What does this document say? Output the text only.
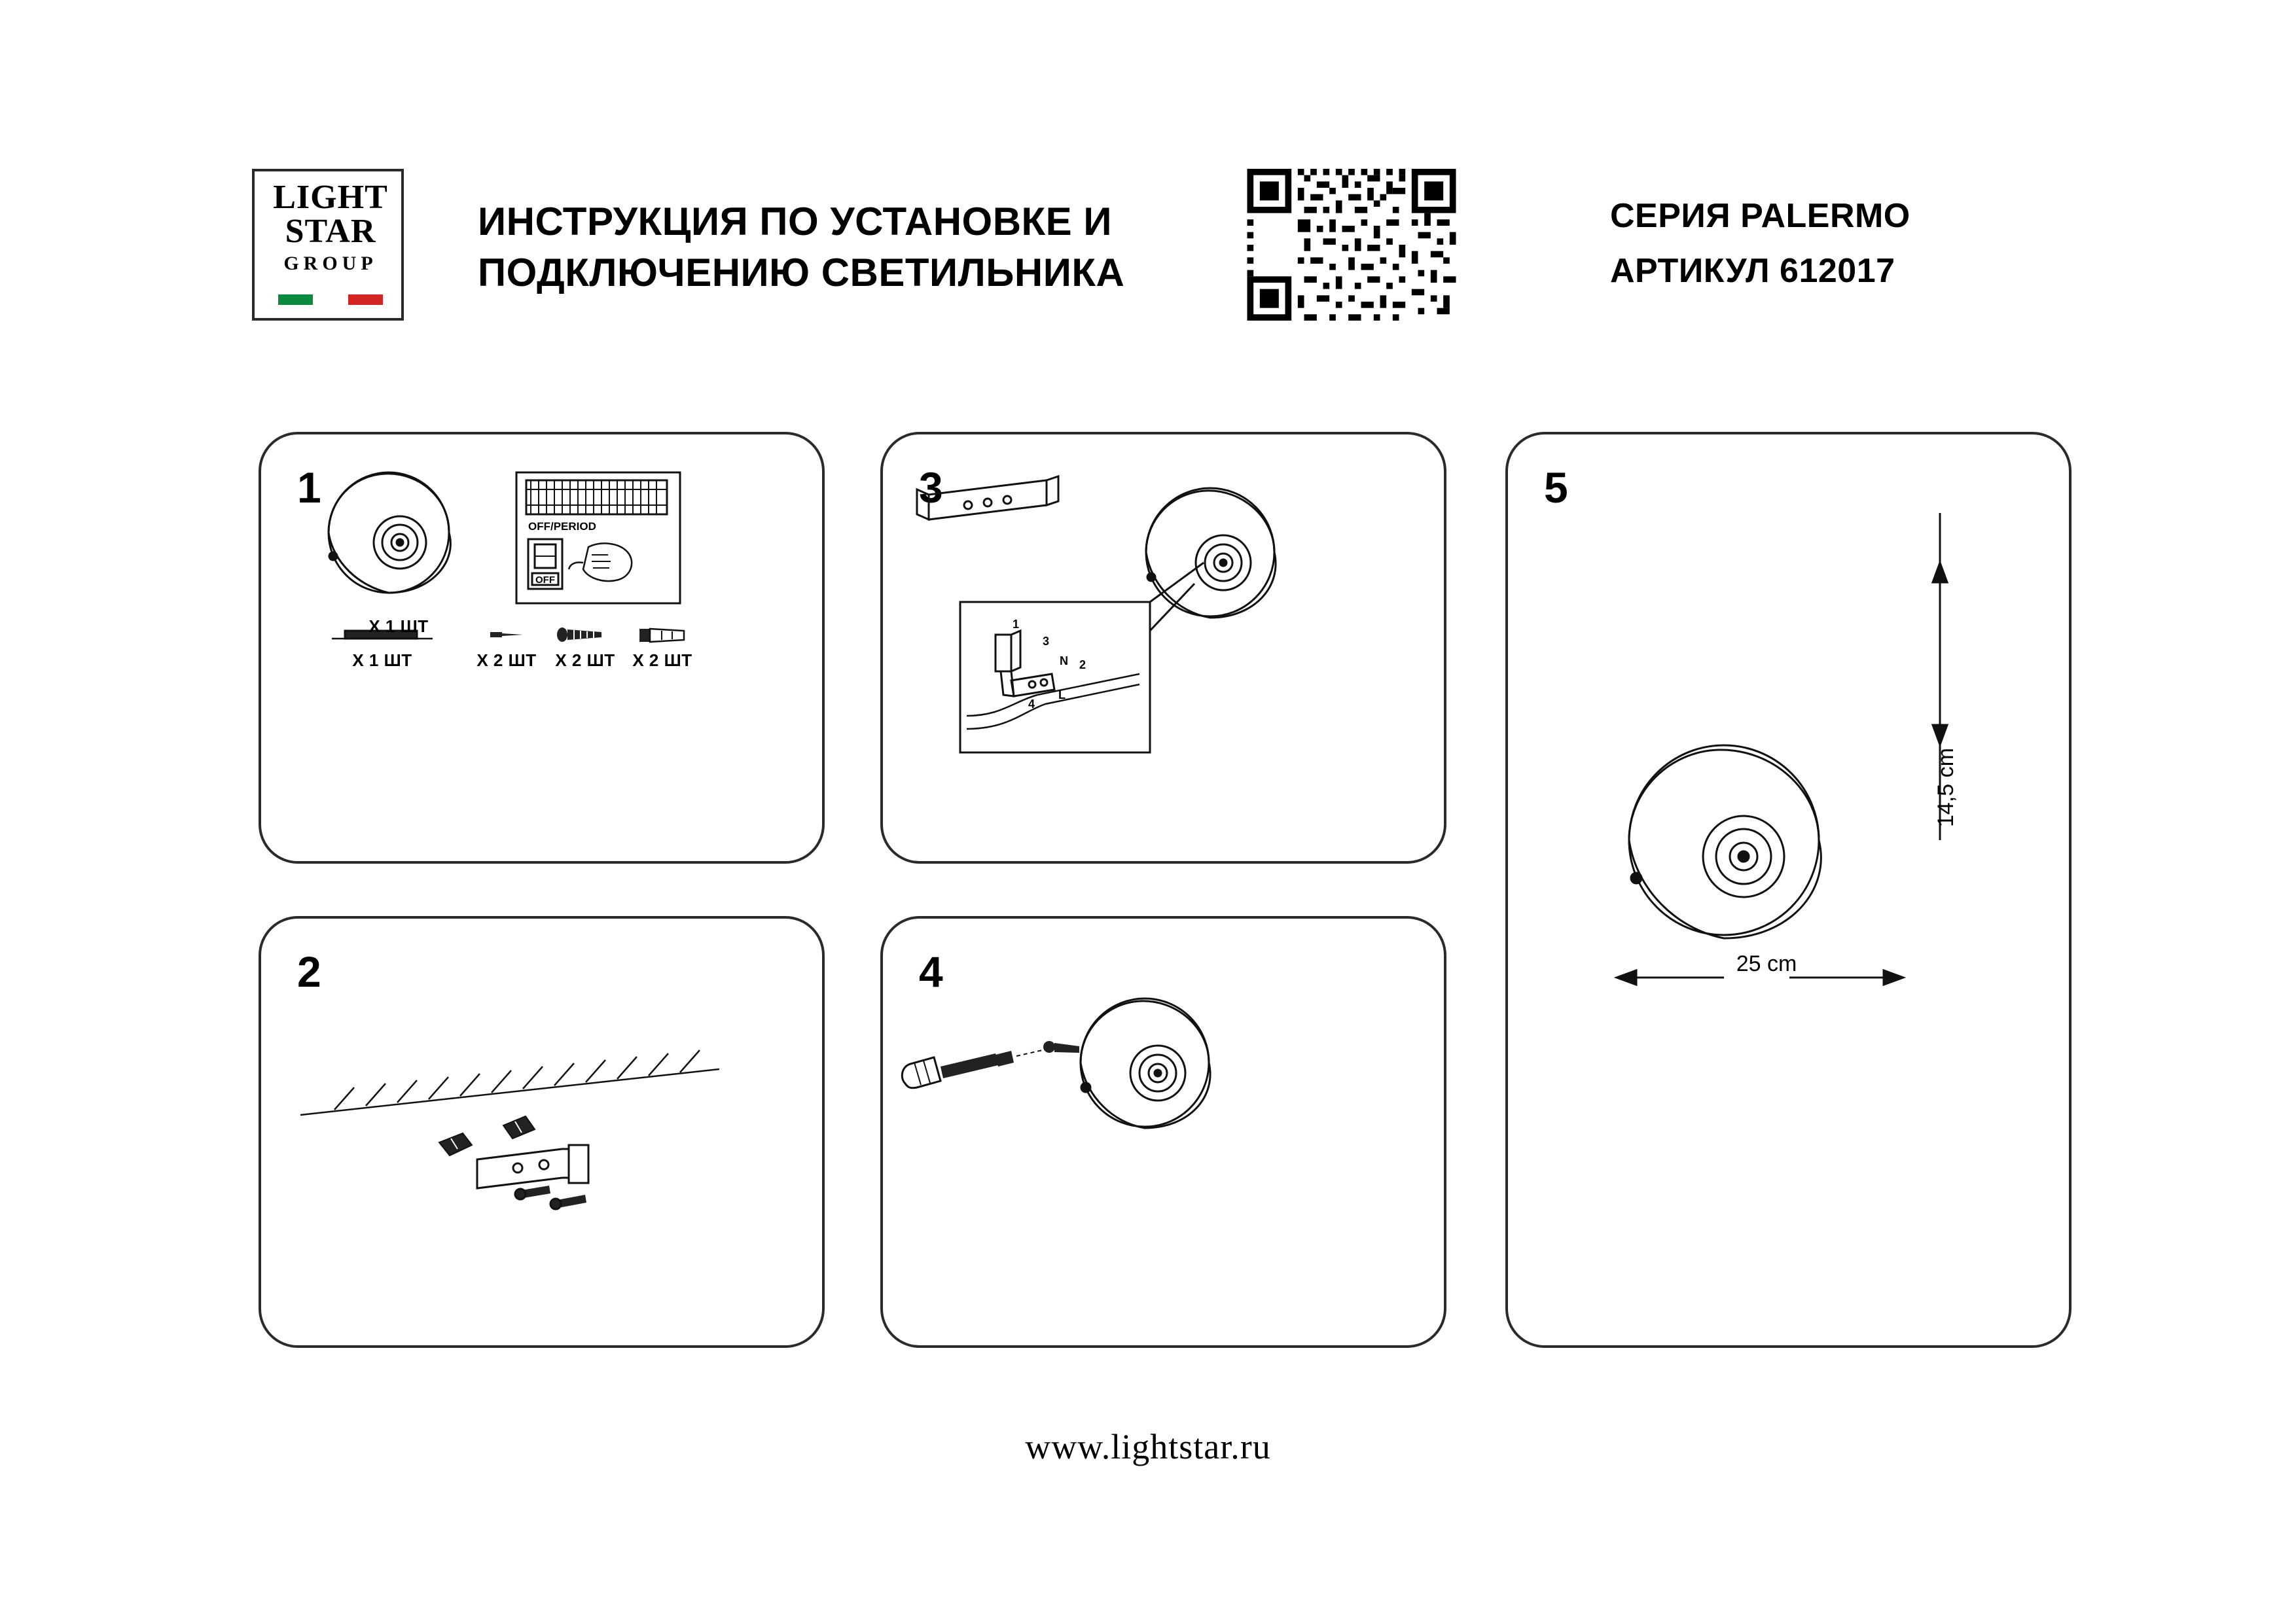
LIGHT
STAR
GROUP
ИНСТРУКЦИЯ ПО УСТАНОВКЕ И ПОДКЛЮЧЕНИЮ СВЕТИЛЬНИКА
СЕРИЯ PALERMO
АРТИКУЛ 612017
1
OFF/PERIOD
OFF
X 1 ШТ
X 1 ШТ	X 2 ШТ	X 2 ШТ	X 2 ШТ
2
3
1
3
N 2
4
L
4
5
14,5 cm
25 cm
www.lightstar.ru
